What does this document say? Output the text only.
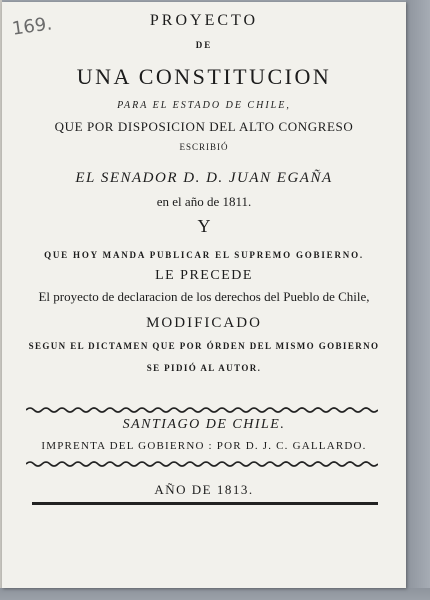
169.	PROYECTO
DE
UNA CONSTITUCION
PARA EL ESTADO DE CHILE,
QUE POR DISPOSICION DEL ALTO CONGRESO
ESCRIBIÓ
EL SENADOR D. D. JUAN EGAÑA
en el año de 1811.
Y
QUE HOY MANDA PUBLICAR EL SUPREMO GOBIERNO.
LE PRECEDE
El proyecto de declaracion de los derechos del Pueblo de Chile,
MODIFICADO
SEGUN EL DICTAMEN QUE POR ÓRDEN DEL MISMO GOBIERNO
SE PIDIÓ AL AUTOR.
SANTIAGO DE CHILE.
IMPRENTA DEL GOBIERNO : POR D. J. C. GALLARDO.
AÑO DE 1813.
